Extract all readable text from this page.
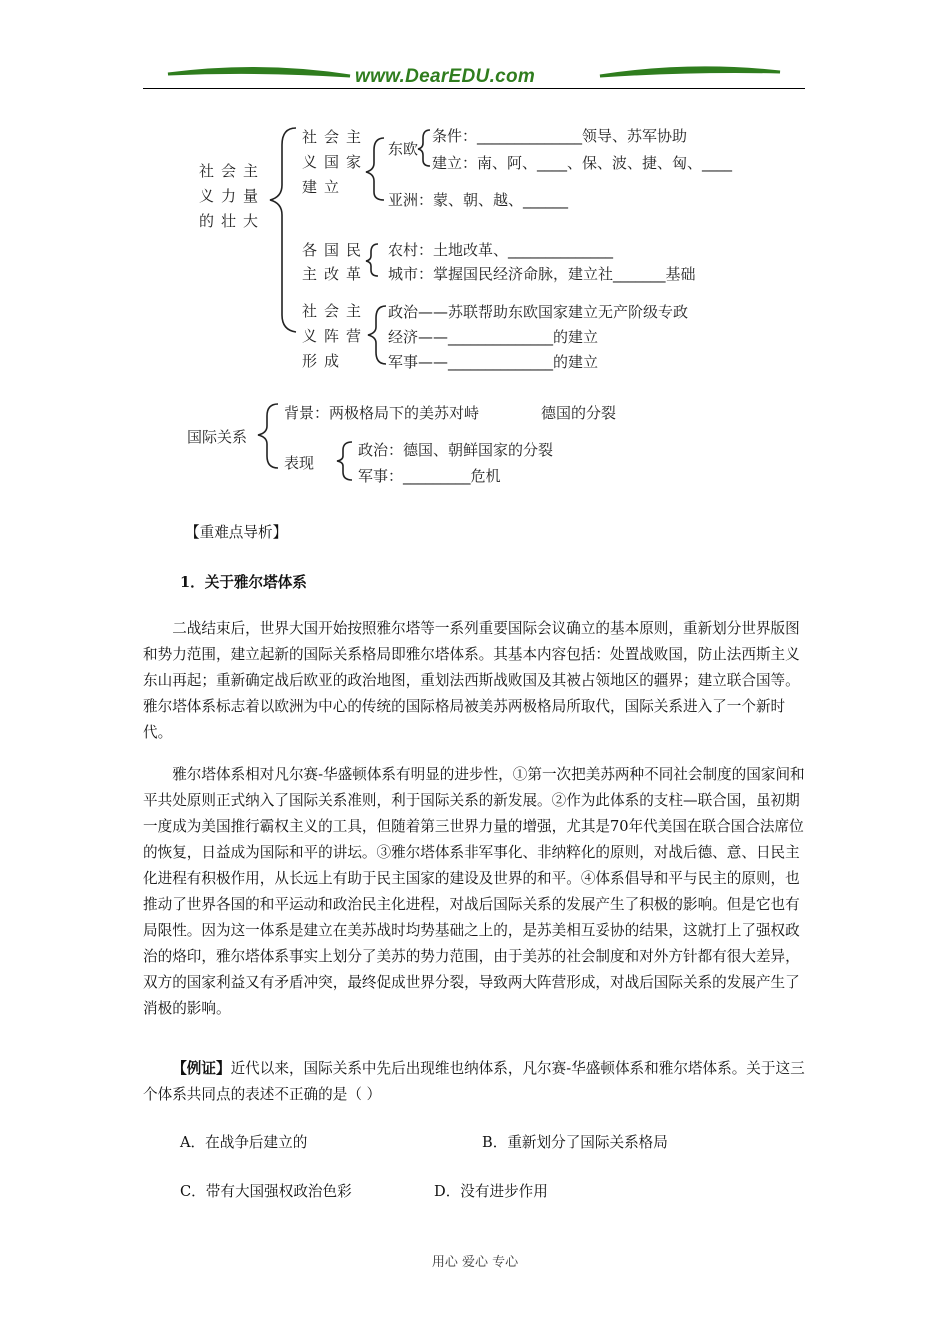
www.DearEDU.com
社会主
义力量
的壮大
社会主
义国家
建立
东欧
条件：______________领导、苏军协助
建立：南、阿、____、保、波、捷、匈、____
亚洲：蒙、朝、越、______
各国民
主改革
农村：土地改革、______________
城市：掌握国民经济命脉，建立社_______基础
社会主
义阵营
形成
政治——苏联帮助东欧国家建立无产阶级专政
经济——______________的建立
军事——______________的建立
国际关系
背景：两极格局下的美苏对峙	德国的分裂
表现
政治：德国、朝鲜国家的分裂
军事：_________危机
【重难点导析】
1．关于雅尔塔体系

二战结束后，世界大国开始按照雅尔塔等一系列重要国际会议确立的基本原则，重新划分世界版图和势力范围，建立起新的国际关系格局即雅尔塔体系。其基本内容包括：处置战败国，防止法西斯主义东山再起；重新确定战后欧亚的政治地图，重划法西斯战败国及其被占领地区的疆界；建立联合国等。雅尔塔体系标志着以欧洲为中心的传统的国际格局被美苏两极格局所取代，国际关系进入了一个新时代。

雅尔塔体系相对凡尔赛-华盛顿体系有明显的进步性，①第一次把美苏两种不同社会制度的国家间和平共处原则正式纳入了国际关系准则，利于国际关系的新发展。②作为此体系的支柱—联合国，虽初期一度成为美国推行霸权主义的工具，但随着第三世界力量的增强，尤其是70年代美国在联合国合法席位的恢复，日益成为国际和平的讲坛。③雅尔塔体系非军事化、非纳粹化的原则，对战后德、意、日民主化进程有积极作用，从长远上有助于民主国家的建设及世界的和平。④体系倡导和平与民主的原则，也推动了世界各国的和平运动和政治民主化进程，对战后国际关系的发展产生了积极的影响。但是它也有局限性。因为这一体系是建立在美苏战时均势基础之上的，是苏美相互妥协的结果，这就打上了强权政治的烙印，雅尔塔体系事实上划分了美苏的势力范围，由于美苏的社会制度和对外方针都有很大差异，双方的国家利益又有矛盾冲突，最终促成世界分裂，导致两大阵营形成，对战后国际关系的发展产生了消极的影响。

【例证】近代以来，国际关系中先后出现维也纳体系，凡尔赛-华盛顿体系和雅尔塔体系。关于这三个体系共同点的表述不正确的是（ ）

A．在战争后建立的	B．重新划分了国际关系格局
C．带有大国强权政治色彩	D．没有进步作用
用心 爱心 专心
